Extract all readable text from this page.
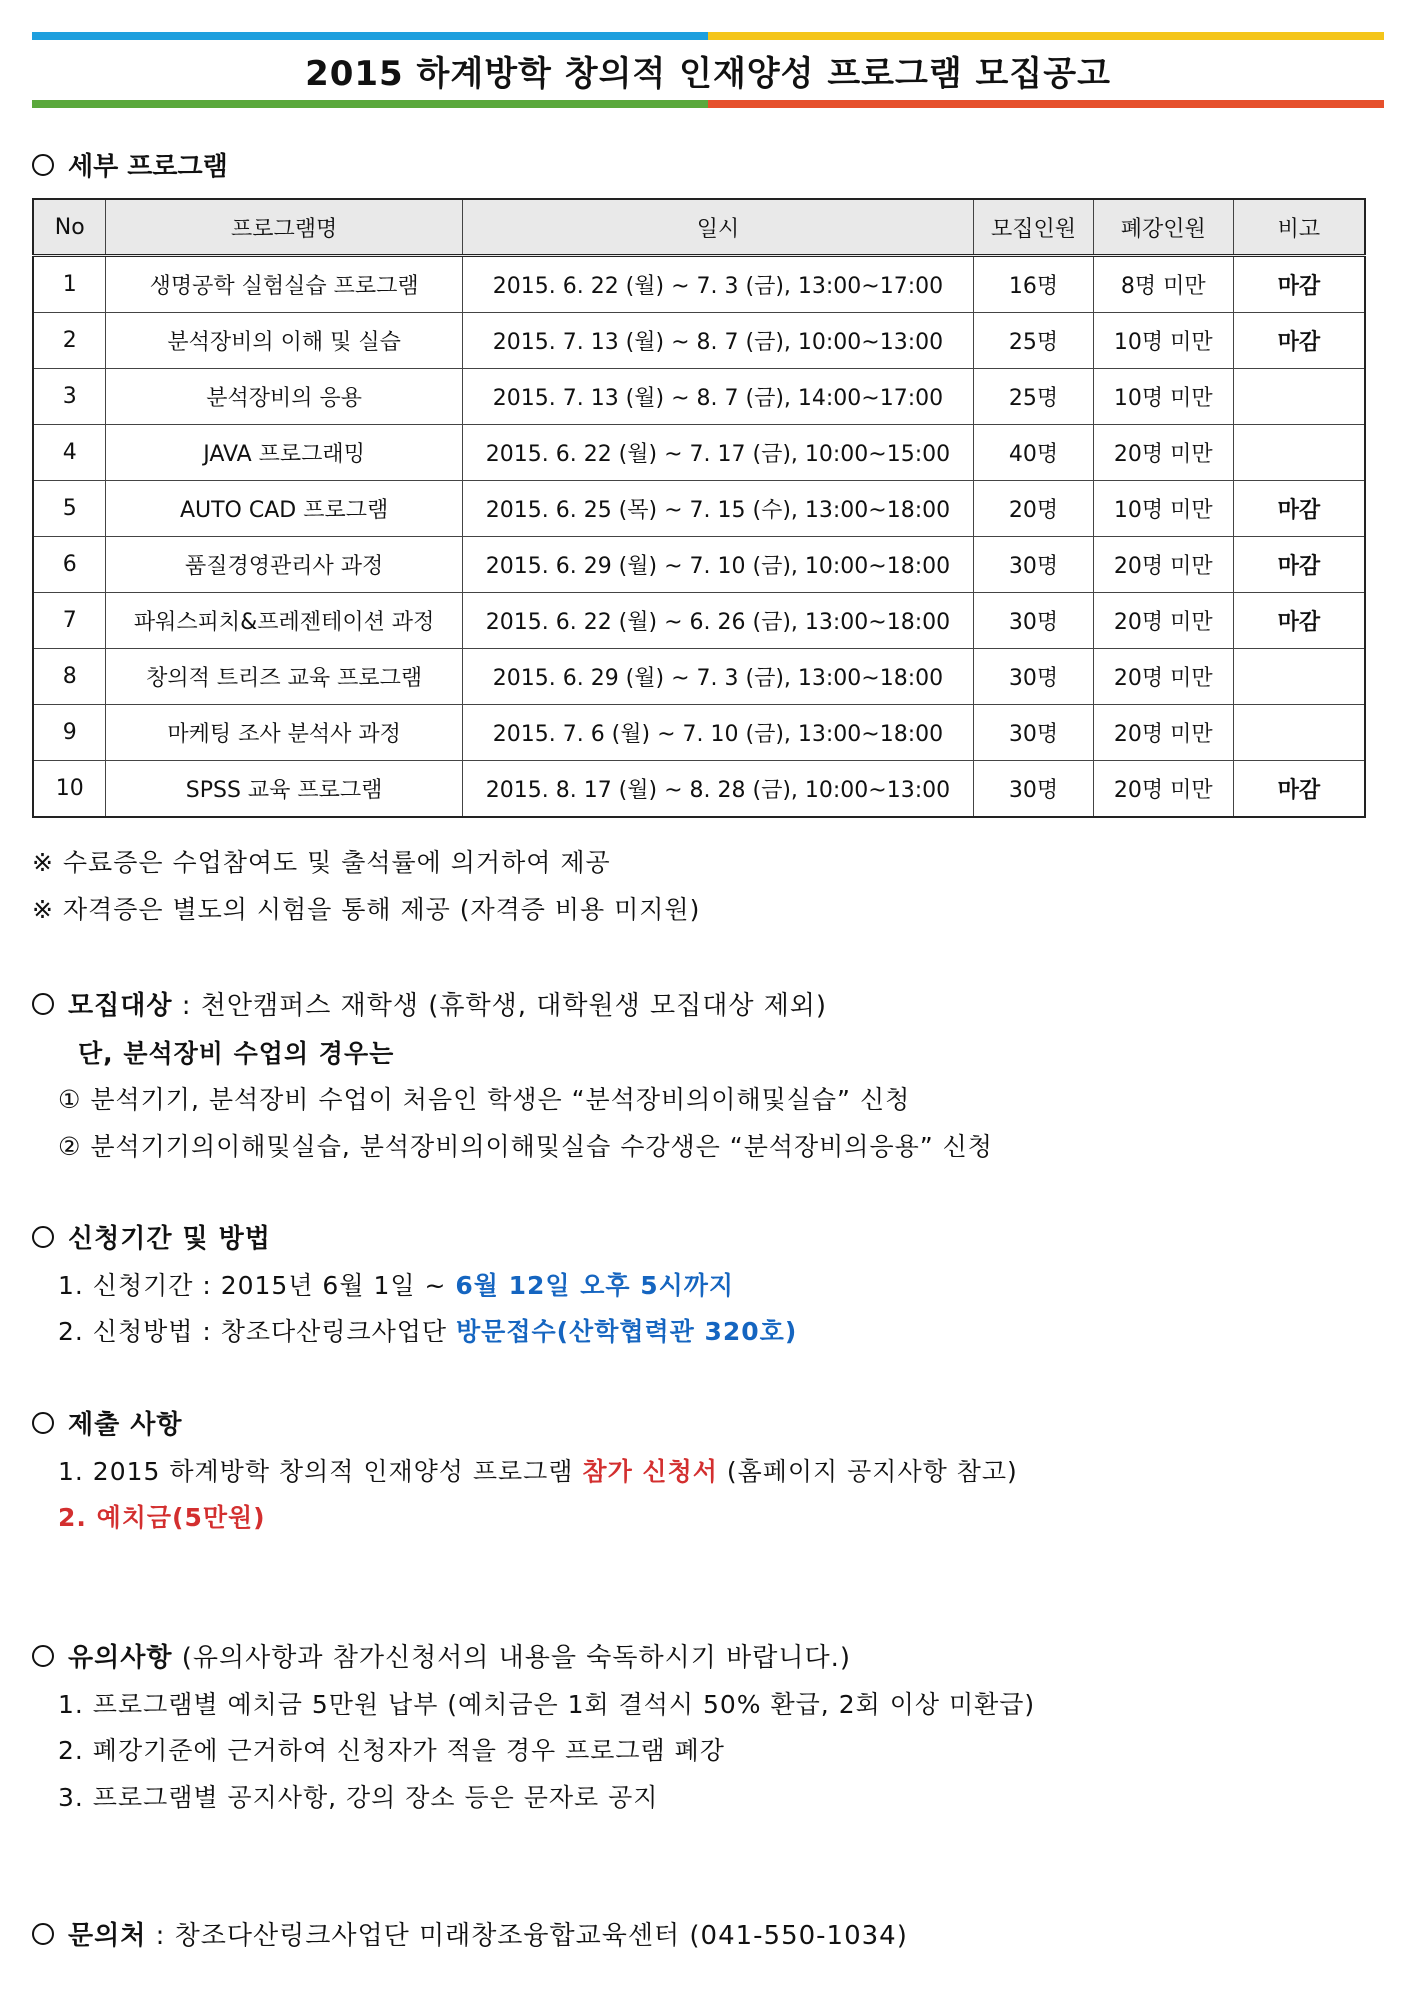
2015 하계방학 창의적 인재양성 프로그램 모집공고
세부 프로그램
No	프로그램명	일시	모집인원	폐강인원	비고
1	생명공학 실험실습 프로그램	2015. 6. 22 (월) ~ 7. 3 (금), 13:00~17:00	16명	8명 미만	마감
2	분석장비의 이해 및 실습	2015. 7. 13 (월) ~ 8. 7 (금), 10:00~13:00	25명	10명 미만	마감
3	분석장비의 응용	2015. 7. 13 (월) ~ 8. 7 (금), 14:00~17:00	25명	10명 미만	
4	JAVA 프로그래밍	2015. 6. 22 (월) ~ 7. 17 (금), 10:00~15:00	40명	20명 미만	
5	AUTO CAD 프로그램	2015. 6. 25 (목) ~ 7. 15 (수), 13:00~18:00	20명	10명 미만	마감
6	품질경영관리사 과정	2015. 6. 29 (월) ~ 7. 10 (금), 10:00~18:00	30명	20명 미만	마감
7	파워스피치&프레젠테이션 과정	2015. 6. 22 (월) ~ 6. 26 (금), 13:00~18:00	30명	20명 미만	마감
8	창의적 트리즈 교육 프로그램	2015. 6. 29 (월) ~ 7. 3 (금), 13:00~18:00	30명	20명 미만	
9	마케팅 조사 분석사 과정	2015. 7. 6 (월) ~ 7. 10 (금), 13:00~18:00	30명	20명 미만	
10	SPSS 교육 프로그램	2015. 8. 17 (월) ~ 8. 28 (금), 10:00~13:00	30명	20명 미만	마감
※ 수료증은 수업참여도 및 출석률에 의거하여 제공
※ 자격증은 별도의 시험을 통해 제공 (자격증 비용 미지원)
모집대상 : 천안캠퍼스 재학생 (휴학생, 대학원생 모집대상 제외)
단, 분석장비 수업의 경우는
① 분석기기, 분석장비 수업이 처음인 학생은 “분석장비의이해및실습” 신청
② 분석기기의이해및실습, 분석장비의이해및실습 수강생은 “분석장비의응용” 신청
신청기간 및 방법
1. 신청기간 : 2015년 6월 1일 ~ 6월 12일 오후 5시까지
2. 신청방법 : 창조다산링크사업단 방문접수(산학협력관 320호)
제출 사항
1. 2015 하계방학 창의적 인재양성 프로그램 참가 신청서 (홈페이지 공지사항 참고)
2. 예치금(5만원)
유의사항 (유의사항과 참가신청서의 내용을 숙독하시기 바랍니다.)
1. 프로그램별 예치금 5만원 납부 (예치금은 1회 결석시 50% 환급, 2회 이상 미환급)
2. 폐강기준에 근거하여 신청자가 적을 경우 프로그램 폐강
3. 프로그램별 공지사항, 강의 장소 등은 문자로 공지
문의처 : 창조다산링크사업단 미래창조융합교육센터 (041-550-1034)
